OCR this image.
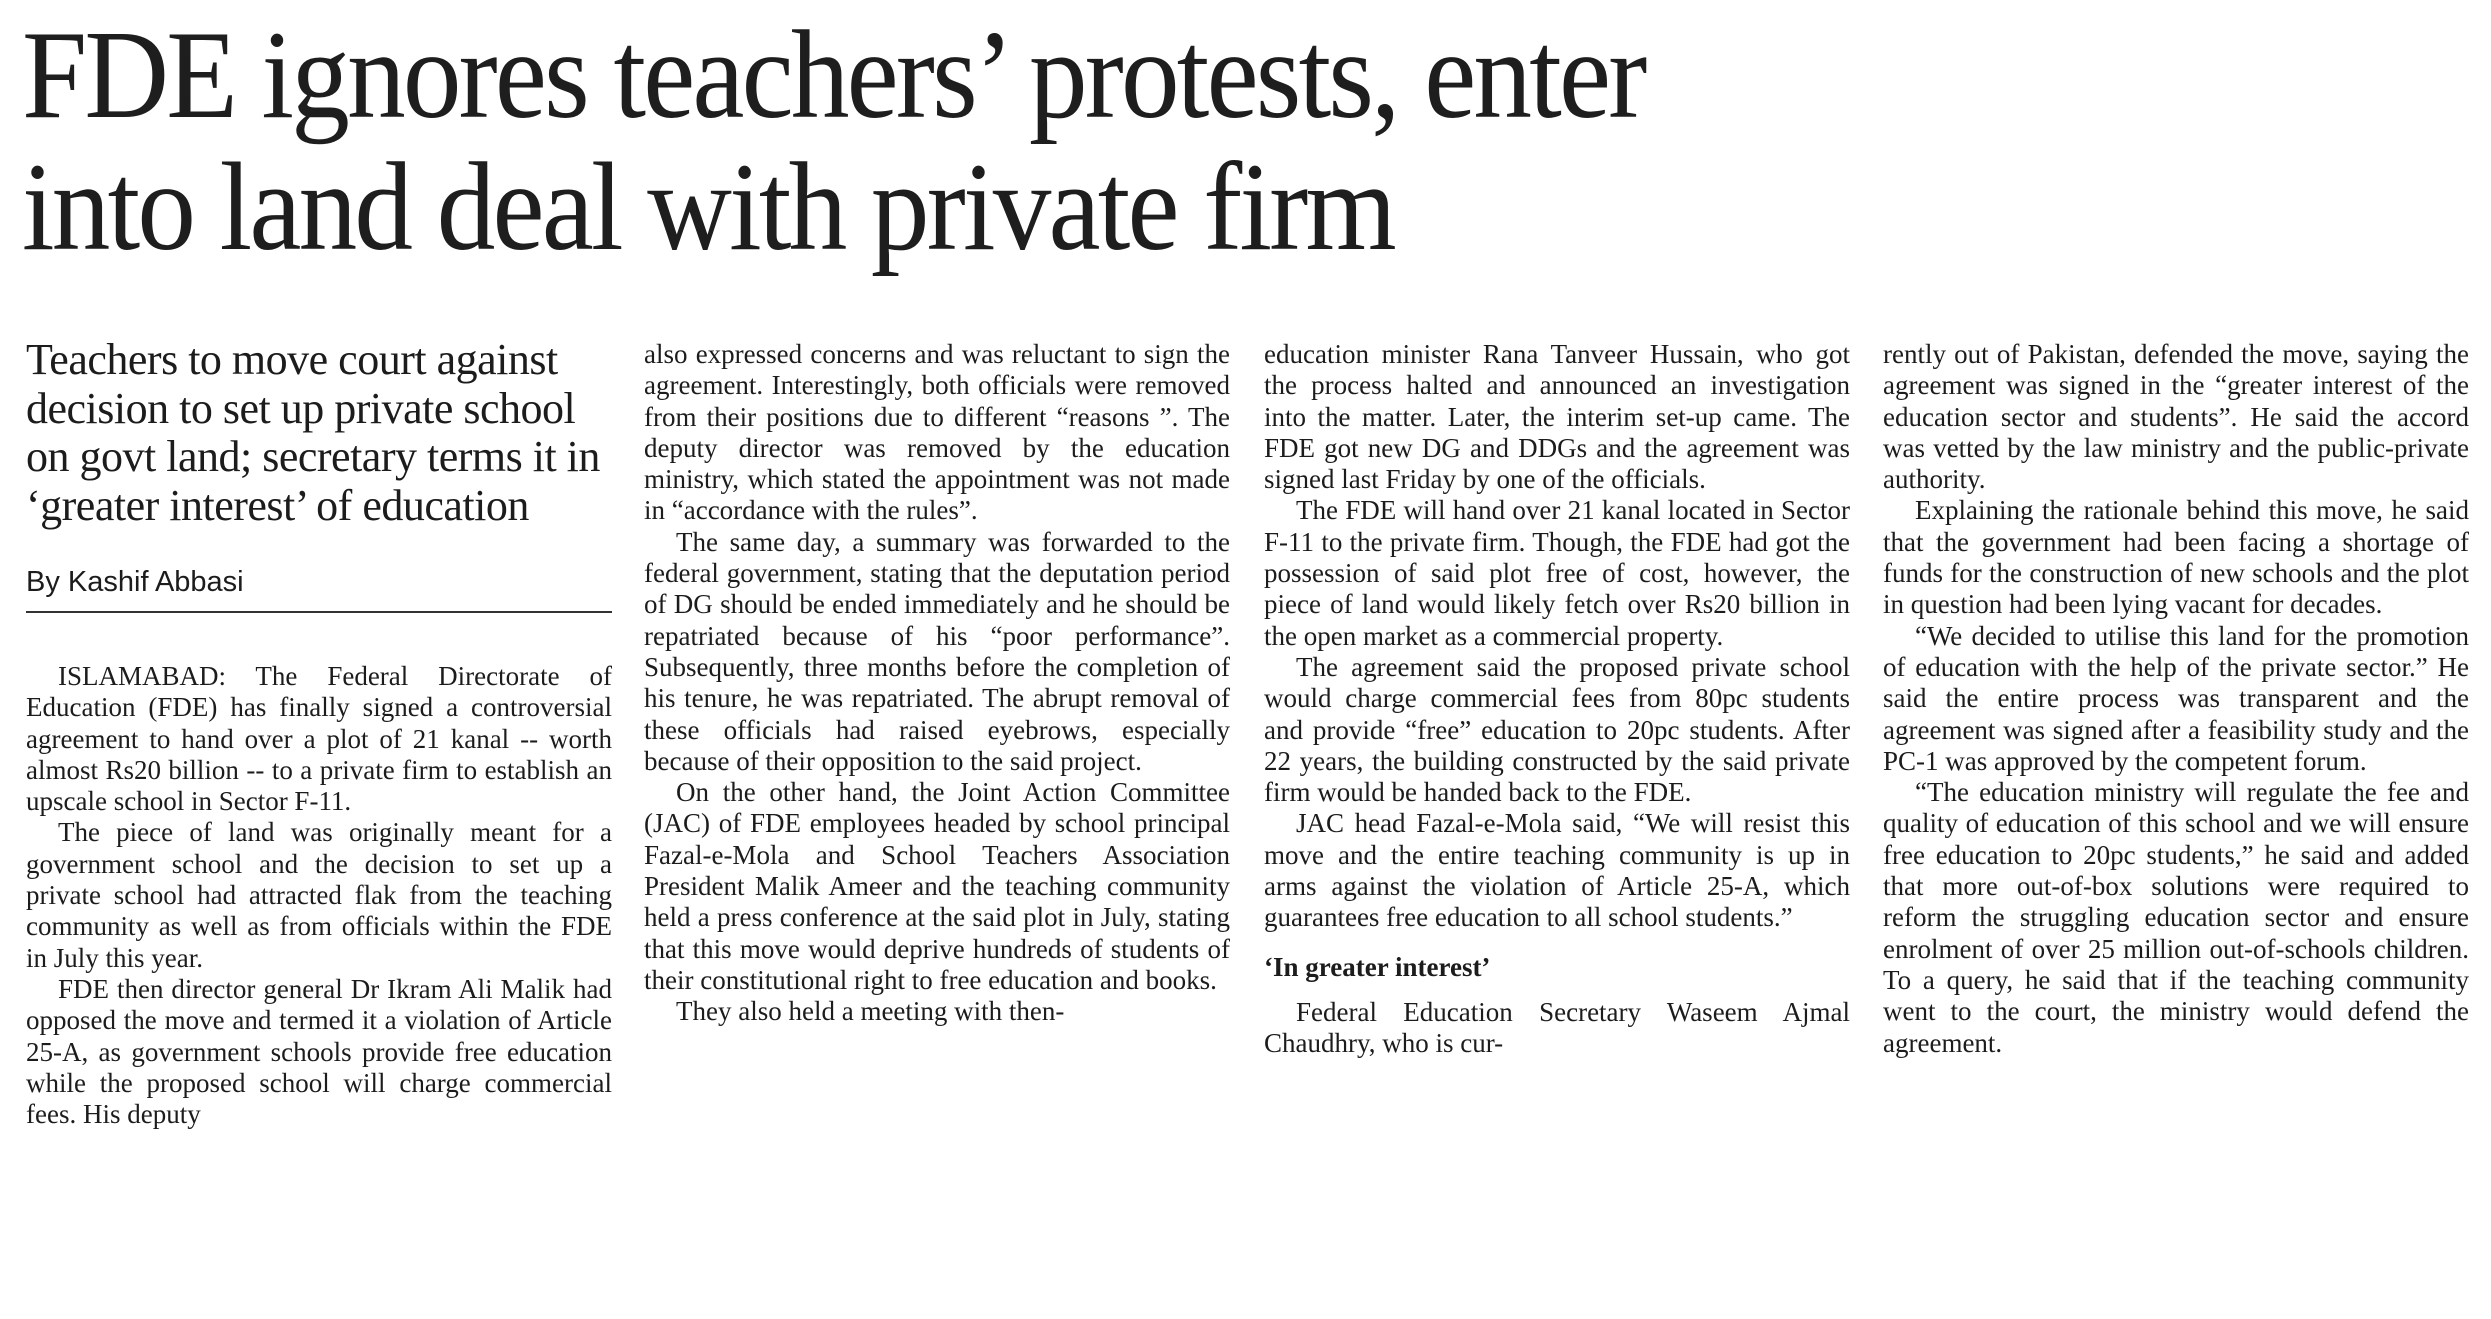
FDE ignores teachers’ protests, enter
into land deal with private firm

Teachers to move court against decision to set up private school on govt land; secretary terms it in ‘greater interest’ of education

By Kashif Abbasi

ISLAMABAD: The Federal Directorate of Education (FDE) has finally signed a controversial agreement to hand over a plot of 21 kanal -- worth almost Rs20 billion -- to a private firm to establish an upscale school in Sector F-11.

The piece of land was originally meant for a government school and the decision to set up a private school had attracted flak from the teaching community as well as from officials within the FDE in July this year.

FDE then director general Dr Ikram Ali Malik had opposed the move and termed it a violation of Article 25-A, as government schools provide free education while the proposed school will charge commercial fees. His deputy

also expressed concerns and was reluctant to sign the agreement. Interestingly, both officials were removed from their positions due to different “reasons ”. The deputy director was removed by the education ministry, which stated the appointment was not made in “accordance with the rules”.

The same day, a summary was forwarded to the federal government, stating that the deputation period of DG should be ended immediately and he should be repatriated because of his “poor performance”. Subsequently, three months before the completion of his tenure, he was repatriated. The abrupt removal of these officials had raised eyebrows, especially because of their opposition to the said project.

On the other hand, the Joint Action Committee (JAC) of FDE employees headed by school principal Fazal-e-Mola and School Teachers Association President Malik Ameer and the teaching community held a press conference at the said plot in July, stating that this move would deprive hundreds of students of their constitutional right to free education and books.

They also held a meeting with then-

education minister Rana Tanveer Hussain, who got the process halted and announced an investigation into the matter. Later, the interim set-up came. The FDE got new DG and DDGs and the agreement was signed last Friday by one of the officials.

The FDE will hand over 21 kanal located in Sector F-11 to the private firm. Though, the FDE had got the possession of said plot free of cost, however, the piece of land would likely fetch over Rs20 billion in the open market as a commercial property.

The agreement said the proposed private school would charge commercial fees from 80pc students and provide “free” education to 20pc students. After 22 years, the building constructed by the said private firm would be handed back to the FDE.

JAC head Fazal-e-Mola said, “We will resist this move and the entire teaching community is up in arms against the violation of Article 25-A, which guarantees free education to all school students.”

‘In greater interest’

Federal Education Secretary Waseem Ajmal Chaudhry, who is cur-

rently out of Pakistan, defended the move, saying the agreement was signed in the “greater interest of the education sector and students”. He said the accord was vetted by the law ministry and the public-private authority.

Explaining the rationale behind this move, he said that the government had been facing a shortage of funds for the construction of new schools and the plot in question had been lying vacant for decades.

“We decided to utilise this land for the promotion of education with the help of the private sector.” He said the entire process was transparent and the agreement was signed after a feasibility study and the PC-1 was approved by the competent forum.

“The education ministry will regulate the fee and quality of education of this school and we will ensure free education to 20pc students,” he said and added that more out-of-box solutions were required to reform the struggling education sector and ensure enrolment of over 25 million out-of-schools children. To a query, he said that if the teaching community went to the court, the ministry would defend the agreement.
